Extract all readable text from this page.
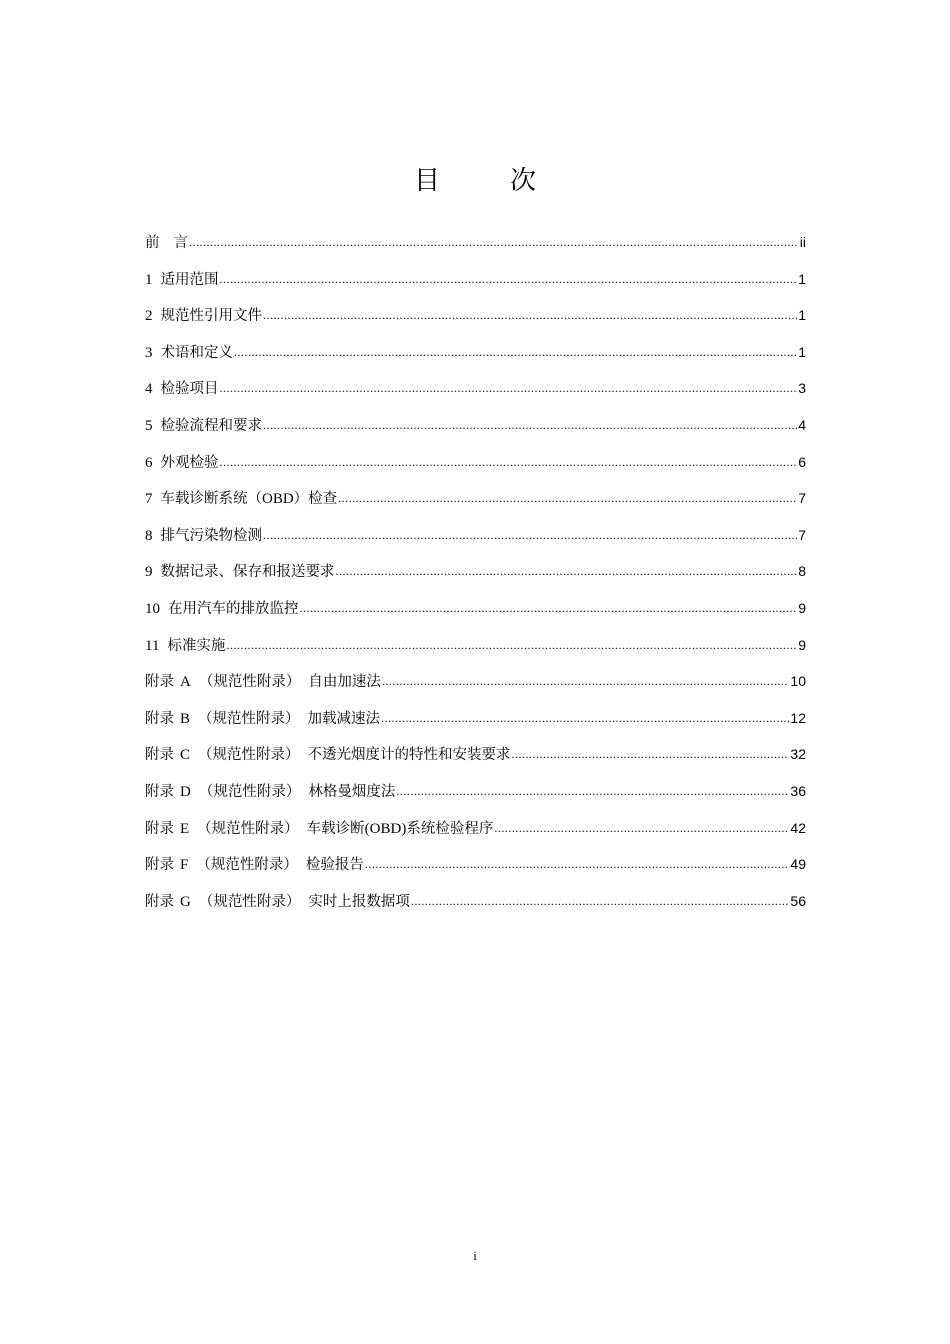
目　次
前 言 .....	ii
1 适用范围 .....	1
2 规范性引用文件 .....	1
3 术语和定义 .....	1
4 检验项目 .....	3
5 检验流程和要求 .....	4
6 外观检验 .....	6
7 车载诊断系统（OBD）检查 .....	7
8 排气污染物检测 .....	7
9 数据记录、保存和报送要求 .....	8
10 在用汽车的排放监控 .....	9
11 标准实施 .....	9
附录 A （规范性附录） 自由加速法 .....	10
附录 B （规范性附录） 加载减速法 .....	12
附录 C （规范性附录） 不透光烟度计的特性和安装要求 .....	32
附录 D （规范性附录） 林格曼烟度法 .....	36
附录 E （规范性附录） 车载诊断(OBD)系统检验程序 .....	42
附录 F （规范性附录） 检验报告 .....	49
附录 G （规范性附录） 实时上报数据项 .....	56
i
